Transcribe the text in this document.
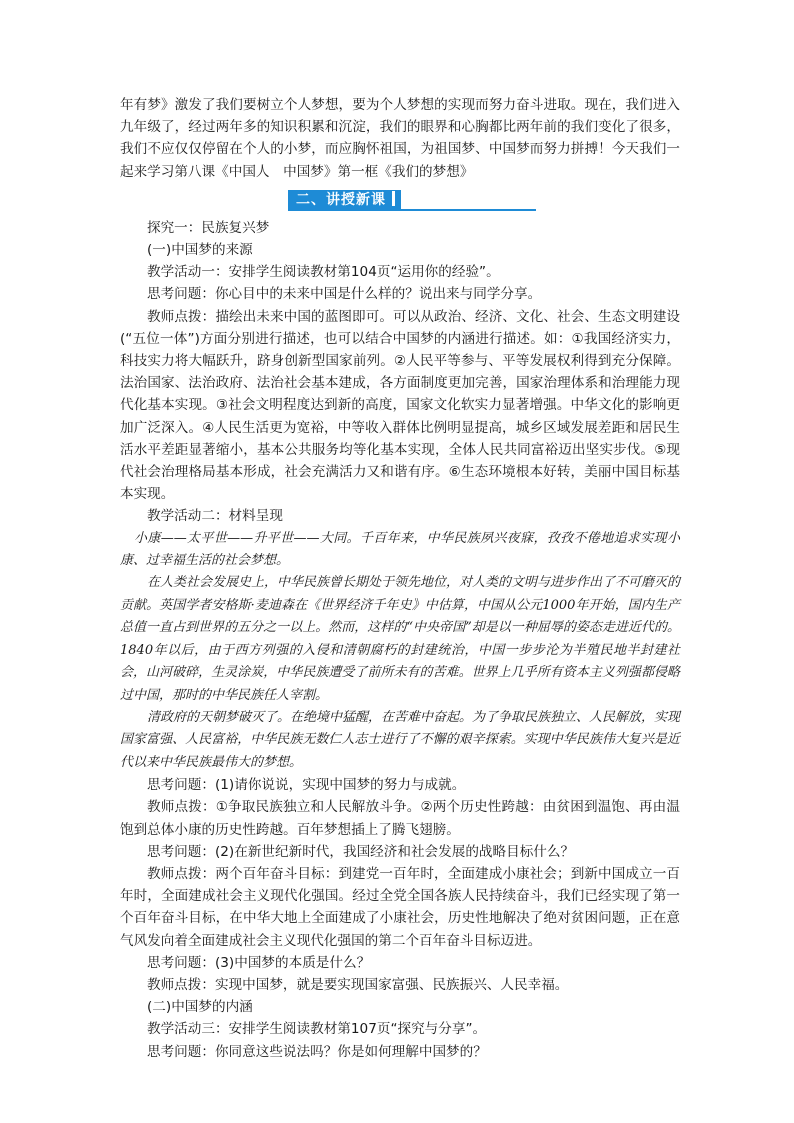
年有梦》激发了我们要树立个人梦想，要为个人梦想的实现而努力奋斗进取。现在，我们进入九年级了，经过两年多的知识积累和沉淀，我们的眼界和心胸都比两年前的我们变化了很多，我们不应仅仅停留在个人的小梦，而应胸怀祖国，为祖国梦、中国梦而努力拼搏！今天我们一起来学习第八课《中国人　中国梦》第一框《我们的梦想》

二、讲授新课

探究一：民族复兴梦

(一)中国梦的来源

教学活动一：安排学生阅读教材第104页“运用你的经验”。

思考问题：你心目中的未来中国是什么样的？说出来与同学分享。

教师点拨：描绘出未来中国的蓝图即可。可以从政治、经济、文化、社会、生态文明建设(“五位一体”)方面分别进行描述，也可以结合中国梦的内涵进行描述。如：①我国经济实力，科技实力将大幅跃升，跻身创新型国家前列。②人民平等参与、平等发展权利得到充分保障。法治国家、法治政府、法治社会基本建成，各方面制度更加完善，国家治理体系和治理能力现代化基本实现。③社会文明程度达到新的高度，国家文化软实力显著增强。中华文化的影响更加广泛深入。④人民生活更为宽裕，中等收入群体比例明显提高，城乡区域发展差距和居民生活水平差距显著缩小，基本公共服务均等化基本实现，全体人民共同富裕迈出坚实步伐。⑤现代社会治理格局基本形成，社会充满活力又和谐有序。⑥生态环境根本好转，美丽中国目标基本实现。

教学活动二：材料呈现

小康——太平世——升平世——大同。千百年来，中华民族夙兴夜寐，孜孜不倦地追求实现小康、过幸福生活的社会梦想。

在人类社会发展史上，中华民族曾长期处于领先地位，对人类的文明与进步作出了不可磨灭的贡献。英国学者安格斯·麦迪森在《世界经济千年史》中估算，中国从公元1000年开始，国内生产总值一直占到世界的五分之一以上。然而，这样的“中央帝国”却是以一种屈辱的姿态走进近代的。1840年以后，由于西方列强的入侵和清朝腐朽的封建统治，中国一步步沦为半殖民地半封建社会，山河破碎，生灵涂炭，中华民族遭受了前所未有的苦难。世界上几乎所有资本主义列强都侵略过中国，那时的中华民族任人宰割。

清政府的天朝梦破灭了。在绝境中猛醒，在苦难中奋起。为了争取民族独立、人民解放，实现国家富强、人民富裕，中华民族无数仁人志士进行了不懈的艰辛探索。实现中华民族伟大复兴是近代以来中华民族最伟大的梦想。

思考问题：(1)请你说说，实现中国梦的努力与成就。

教师点拨：①争取民族独立和人民解放斗争。②两个历史性跨越：由贫困到温饱、再由温饱到总体小康的历史性跨越。百年梦想插上了腾飞翅膀。

思考问题：(2)在新世纪新时代，我国经济和社会发展的战略目标什么？

教师点拨：两个百年奋斗目标：到建党一百年时，全面建成小康社会；到新中国成立一百年时，全面建成社会主义现代化强国。经过全党全国各族人民持续奋斗，我们已经实现了第一个百年奋斗目标，在中华大地上全面建成了小康社会，历史性地解决了绝对贫困问题，正在意气风发向着全面建成社会主义现代化强国的第二个百年奋斗目标迈进。

思考问题：(3)中国梦的本质是什么？

教师点拨：实现中国梦，就是要实现国家富强、民族振兴、人民幸福。

(二)中国梦的内涵

教学活动三：安排学生阅读教材第107页“探究与分享”。

思考问题：你同意这些说法吗？你是如何理解中国梦的？
